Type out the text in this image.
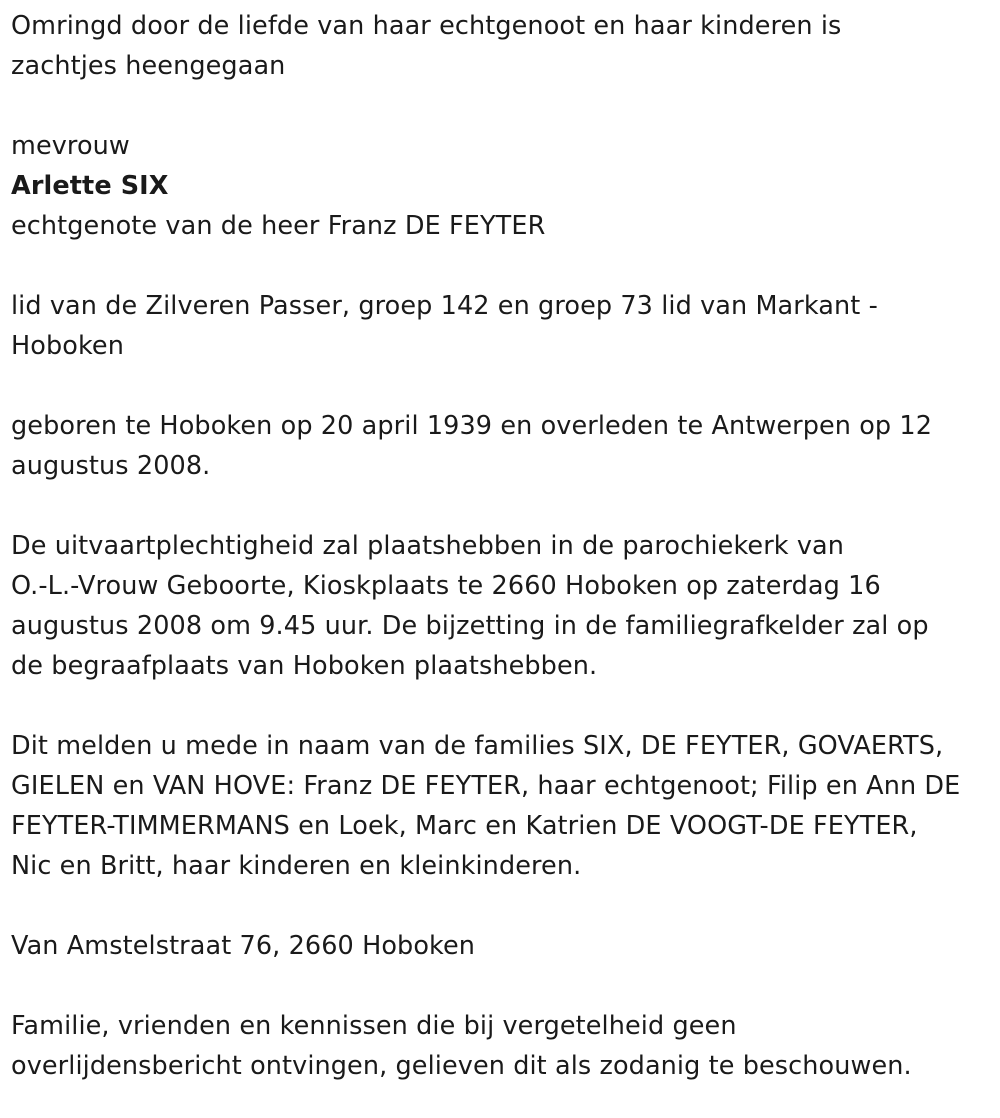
Omringd door de liefde van haar echtgenoot en haar kinderen is
zachtjes heengegaan
mevrouw
Arlette SIX
echtgenote van de heer Franz DE FEYTER
lid van de Zilveren Passer, groep 142 en groep 73 lid van Markant -
Hoboken
geboren te Hoboken op 20 april 1939 en overleden te Antwerpen op 12
augustus 2008.
De uitvaartplechtigheid zal plaatshebben in de parochiekerk van
O.-L.-Vrouw Geboorte, Kioskplaats te 2660 Hoboken op zaterdag 16
augustus 2008 om 9.45 uur. De bijzetting in de familiegrafkelder zal op
de begraafplaats van Hoboken plaatshebben.
Dit melden u mede in naam van de families SIX, DE FEYTER, GOVAERTS,
GIELEN en VAN HOVE: Franz DE FEYTER, haar echtgenoot; Filip en Ann DE
FEYTER-TIMMERMANS en Loek, Marc en Katrien DE VOOGT-DE FEYTER,
Nic en Britt, haar kinderen en kleinkinderen.
Van Amstelstraat 76, 2660 Hoboken
Familie, vrienden en kennissen die bij vergetelheid geen
overlijdensbericht ontvingen, gelieven dit als zodanig te beschouwen.
